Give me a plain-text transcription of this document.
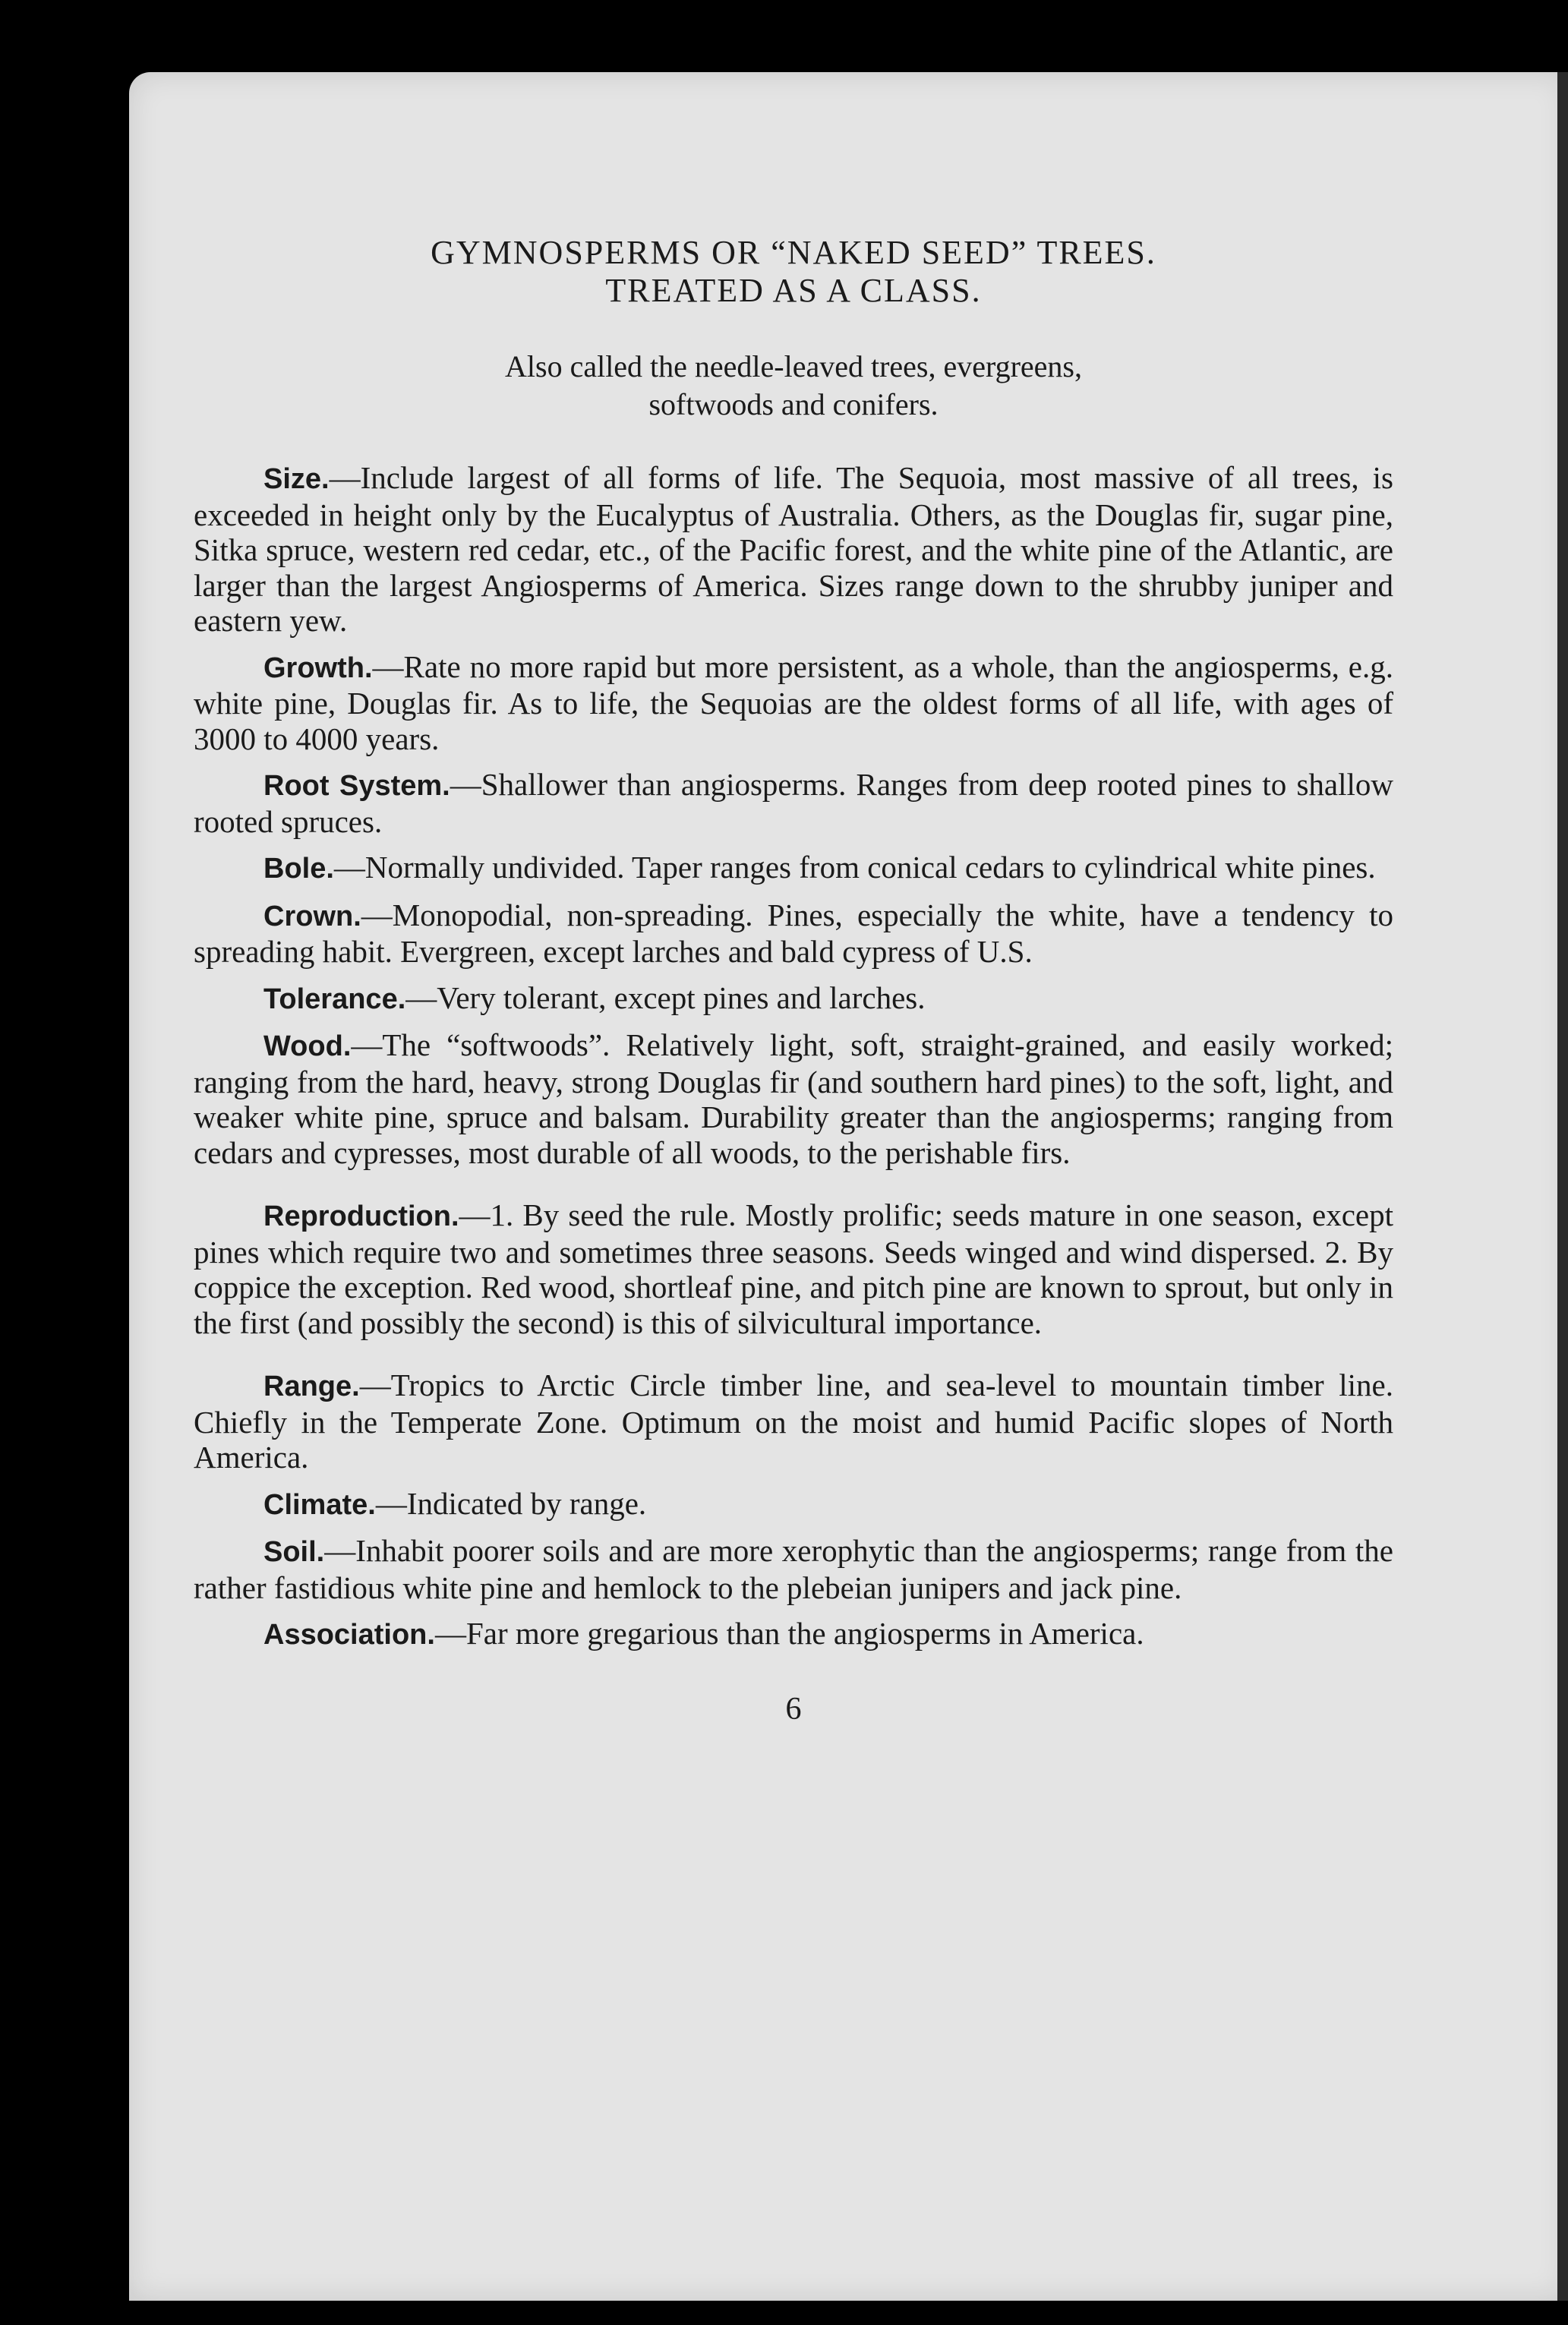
GYMNOSPERMS OR “NAKED SEED” TREES.
TREATED AS A CLASS.
Also called the needle-leaved trees, evergreens,
softwoods and conifers.

Size.—Include largest of all forms of life. The Sequoia, most massive of all trees, is exceeded in height only by the Eucalyptus of Australia. Others, as the Douglas fir, sugar pine, Sitka spruce, western red cedar, etc., of the Pacific forest, and the white pine of the Atlantic, are larger than the largest Angiosperms of America. Sizes range down to the shrubby juniper and eastern yew.

Growth.—Rate no more rapid but more persistent, as a whole, than the angiosperms, e.g. white pine, Douglas fir. As to life, the Sequoias are the oldest forms of all life, with ages of 3000 to 4000 years.

Root System.—Shallower than angiosperms. Ranges from deep rooted pines to shallow rooted spruces.

Bole.—Normally undivided. Taper ranges from conical cedars to cylindrical white pines.

Crown.—Monopodial, non-spreading. Pines, especially the white, have a tendency to spreading habit. Evergreen, except larches and bald cypress of U.S.

Tolerance.—Very tolerant, except pines and larches.

Wood.—The “softwoods”. Relatively light, soft, straight-grained, and easily worked; ranging from the hard, heavy, strong Douglas fir (and southern hard pines) to the soft, light, and weaker white pine, spruce and balsam. Durability greater than the angiosperms; ranging from cedars and cypresses, most durable of all woods, to the perishable firs.

Reproduction.—1. By seed the rule. Mostly prolific; seeds mature in one season, except pines which require two and sometimes three seasons. Seeds winged and wind dispersed. 2. By coppice the exception. Red wood, shortleaf pine, and pitch pine are known to sprout, but only in the first (and possibly the second) is this of silvicultural importance.

Range.—Tropics to Arctic Circle timber line, and sea-level to mountain timber line. Chiefly in the Temperate Zone. Optimum on the moist and humid Pacific slopes of North America.

Climate.—Indicated by range.

Soil.—Inhabit poorer soils and are more xerophytic than the angiosperms; range from the rather fastidious white pine and hemlock to the plebeian junipers and jack pine.

Association.—Far more gregarious than the angiosperms in America.

6
